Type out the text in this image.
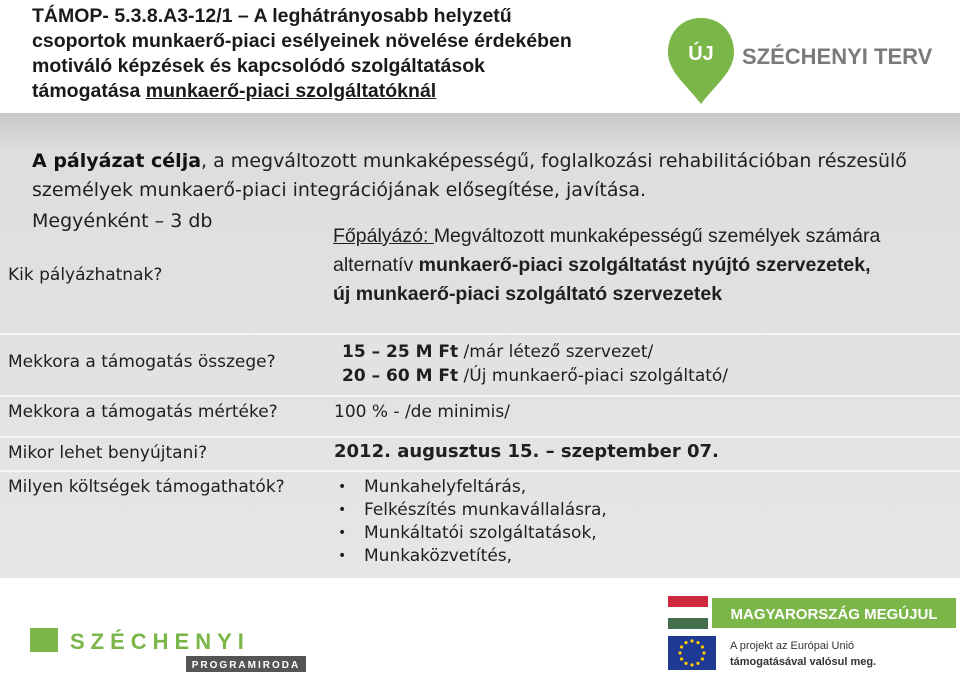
TÁMOP- 5.3.8.A3-12/1 – A leghátrányosabb helyzetű
csoportok munkaerő-piaci esélyeinek növelése érdekében
motiváló képzések és kapcsolódó szolgáltatások
támogatása munkaerő-piaci szolgáltatóknál
ÚJ SZÉCHENYI TERV
A pályázat célja, a megváltozott munkaképességű, foglalkozási rehabilitációban részesülő személyek munkaerő-piaci integrációjának elősegítése, javítása.
Megyénként – 3 db
Kik pályázhatnak?
Főpályázó: Megváltozott munkaképességű személyek számára
alternatív munkaerő-piaci szolgáltatást nyújtó szervezetek,
új munkaerő-piaci szolgáltató szervezetek
Mekkora a támogatás összege?	15 – 25 M Ft /már létező szervezet/
20 – 60 M Ft /Új munkaerő-piaci szolgáltató/
Mekkora a támogatás mértéke?	100 % - /de minimis/
Mikor lehet benyújtani?	2012. augusztus 15. – szeptember 07.
Milyen költségek támogathatók?	• Munkahelyfeltárás,
• Felkészítés munkavállalásra,
• Munkáltatói szolgáltatások,
• Munkaközvetítés,
SZÉCHENYI
PROGRAMIRODA
MAGYARORSZÁG MEGÚJUL
A projekt az Európai Unió
támogatásával valósul meg.
